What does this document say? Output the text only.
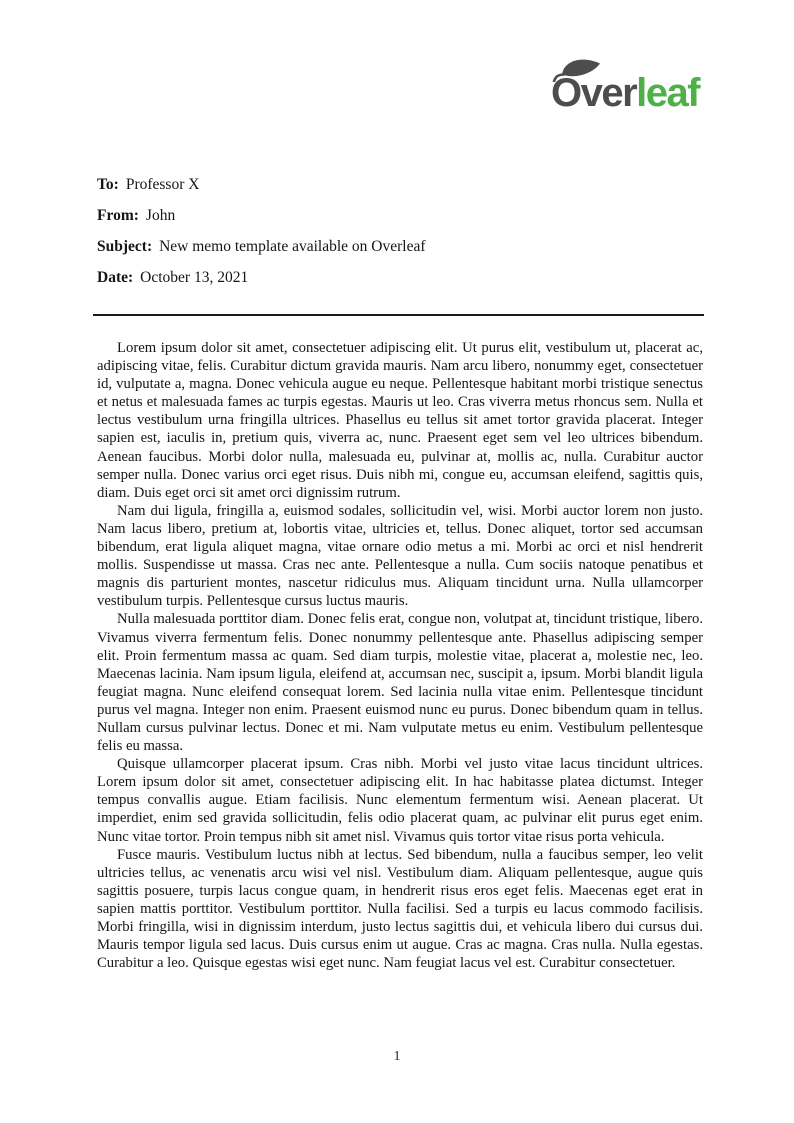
Overleaf
To: Professor X
From: John
Subject: New memo template available on Overleaf
Date: October 13, 2021

Lorem ipsum dolor sit amet, consectetuer adipiscing elit. Ut purus elit, vestibulum ut, placerat ac, adipiscing vitae, felis. Curabitur dictum gravida mauris. Nam arcu libero, nonummy eget, consectetuer id, vulputate a, magna. Donec vehicula augue eu neque. Pellentesque habitant morbi tristique senectus et netus et malesuada fames ac turpis egestas. Mauris ut leo. Cras viverra metus rhoncus sem. Nulla et lectus vestibulum urna fringilla ultrices. Phasellus eu tellus sit amet tortor gravida placerat. Integer sapien est, iaculis in, pretium quis, viverra ac, nunc. Praesent eget sem vel leo ultrices bibendum. Aenean faucibus. Morbi dolor nulla, malesuada eu, pulvinar at, mollis ac, nulla. Curabitur auctor semper nulla. Donec varius orci eget risus. Duis nibh mi, congue eu, accumsan eleifend, sagittis quis, diam. Duis eget orci sit amet orci dignissim rutrum.

Nam dui ligula, fringilla a, euismod sodales, sollicitudin vel, wisi. Morbi auctor lorem non justo. Nam lacus libero, pretium at, lobortis vitae, ultricies et, tellus. Donec aliquet, tortor sed accumsan bibendum, erat ligula aliquet magna, vitae ornare odio metus a mi. Morbi ac orci et nisl hendrerit mollis. Suspendisse ut massa. Cras nec ante. Pellentesque a nulla. Cum sociis natoque penatibus et magnis dis parturient montes, nascetur ridiculus mus. Aliquam tincidunt urna. Nulla ullamcorper vestibulum turpis. Pellentesque cursus luctus mauris.

Nulla malesuada porttitor diam. Donec felis erat, congue non, volutpat at, tincidunt tristique, libero. Vivamus viverra fermentum felis. Donec nonummy pellentesque ante. Phasellus adipiscing semper elit. Proin fermentum massa ac quam. Sed diam turpis, molestie vitae, placerat a, molestie nec, leo. Maecenas lacinia. Nam ipsum ligula, eleifend at, accumsan nec, suscipit a, ipsum. Morbi blandit ligula feugiat magna. Nunc eleifend consequat lorem. Sed lacinia nulla vitae enim. Pellentesque tincidunt purus vel magna. Integer non enim. Praesent euismod nunc eu purus. Donec bibendum quam in tellus. Nullam cursus pulvinar lectus. Donec et mi. Nam vulputate metus eu enim. Vestibulum pellentesque felis eu massa.

Quisque ullamcorper placerat ipsum. Cras nibh. Morbi vel justo vitae lacus tincidunt ultrices. Lorem ipsum dolor sit amet, consectetuer adipiscing elit. In hac habitasse platea dictumst. Integer tempus convallis augue. Etiam facilisis. Nunc elementum fermentum wisi. Aenean placerat. Ut imperdiet, enim sed gravida sollicitudin, felis odio placerat quam, ac pulvinar elit purus eget enim. Nunc vitae tortor. Proin tempus nibh sit amet nisl. Vivamus quis tortor vitae risus porta vehicula.

Fusce mauris. Vestibulum luctus nibh at lectus. Sed bibendum, nulla a faucibus semper, leo velit ultricies tellus, ac venenatis arcu wisi vel nisl. Vestibulum diam. Aliquam pellentesque, augue quis sagittis posuere, turpis lacus congue quam, in hendrerit risus eros eget felis. Maecenas eget erat in sapien mattis porttitor. Vestibulum porttitor. Nulla facilisi. Sed a turpis eu lacus commodo facilisis. Morbi fringilla, wisi in dignissim interdum, justo lectus sagittis dui, et vehicula libero dui cursus dui. Mauris tempor ligula sed lacus. Duis cursus enim ut augue. Cras ac magna. Cras nulla. Nulla egestas. Curabitur a leo. Quisque egestas wisi eget nunc. Nam feugiat lacus vel est. Curabitur consectetuer.

1
